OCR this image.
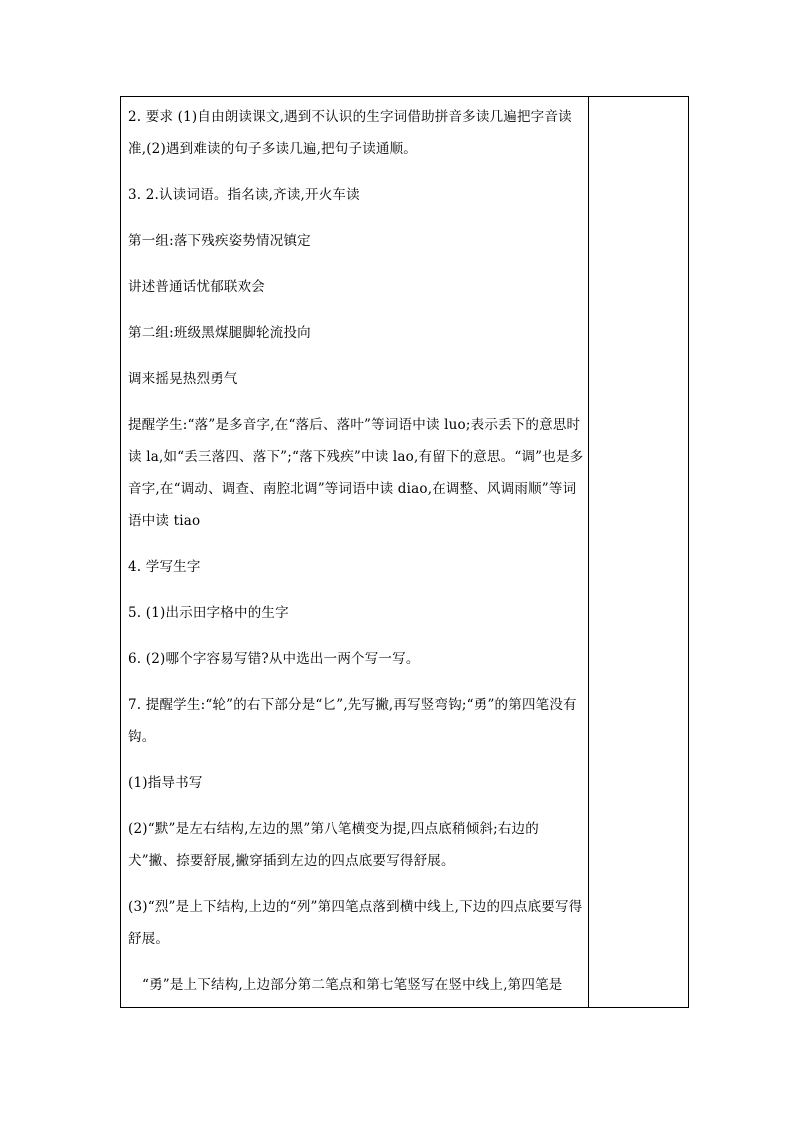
2. 要求 (1)自由朗读课文,遇到不认识的生字词借助拼音多读几遍把字音读准,(2)遇到难读的句子多读几遍,把句子读通顺。

3. 2.认读词语。指名读,齐读,开火车读

第一组:落下残疾姿势情况镇定

讲述普通话忧郁联欢会

第二组:班级黑煤腿脚轮流投向

调来摇晃热烈勇气

提醒学生:“落”是多音字,在“落后、落叶”等词语中读 luo;表示丢下的意思时读 la,如“丢三落四、落下”;“落下残疾”中读 lao,有留下的意思。“调”也是多音字,在“调动、调查、南腔北调”等词语中读 diao,在调整、风调雨顺”等词语中读 tiao

4. 学写生字

5. (1)出示田字格中的生字

6. (2)哪个字容易写错?从中选出一两个写一写。

7. 提醒学生:“轮”的右下部分是“匕”,先写撇,再写竖弯钩;“勇”的第四笔没有钩。

(1)指导书写

(2)“默”是左右结构,左边的黑”第八笔横变为提,四点底稍倾斜;右边的犬”撇、捺要舒展,撇穿插到左边的四点底要写得舒展。

(3)“烈”是上下结构,上边的“列”第四笔点落到横中线上,下边的四点底要写得舒展。

“勇”是上下结构,上边部分第二笔点和第七笔竖写在竖中线上,第四笔是
